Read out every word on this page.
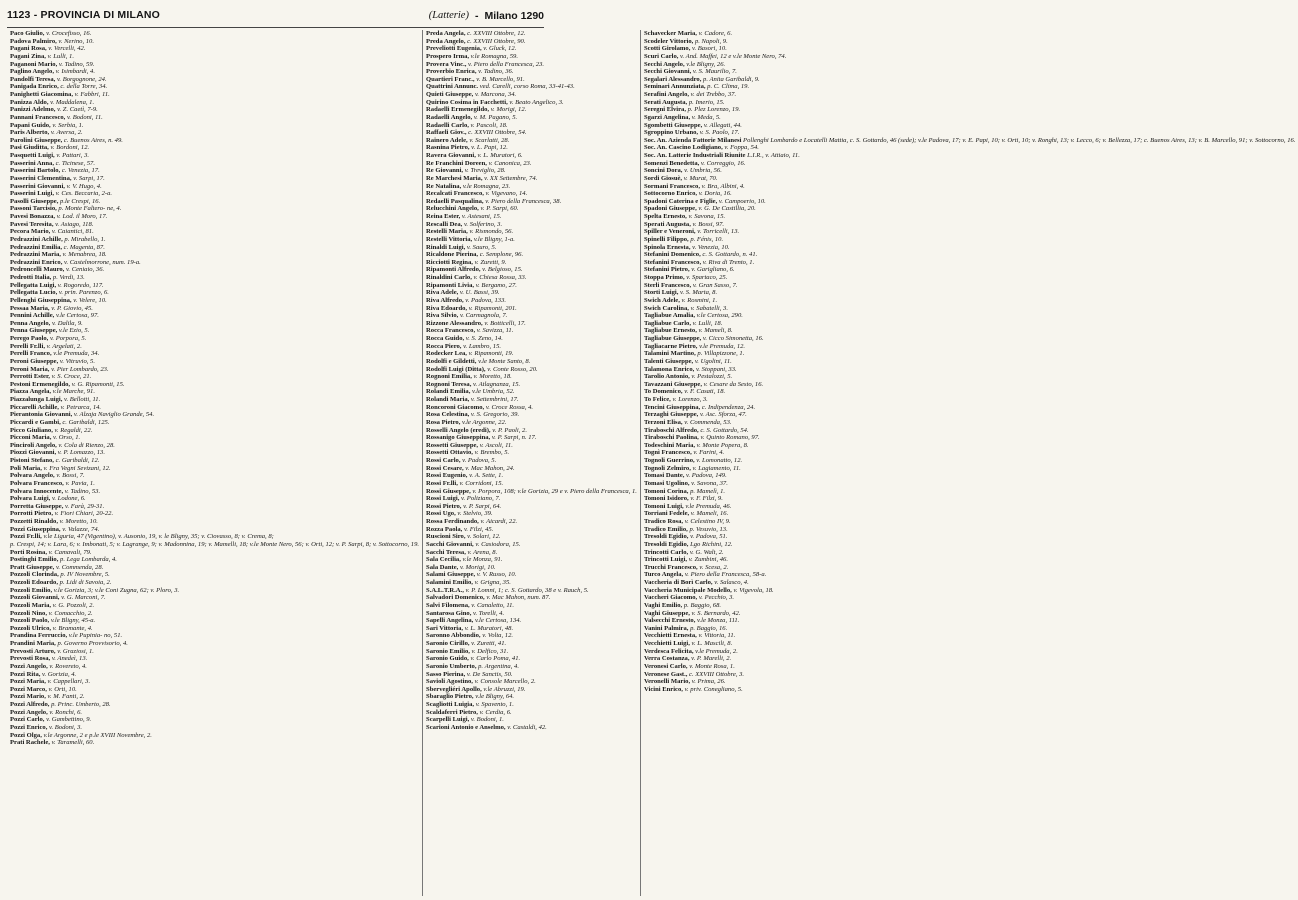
1123 - PROVINCIA DI MILANO	(Latterie) - Milano 1290
Paco Giulio, v. Crocefisso, 16.
Padova Palmiro, v. Nerino, 10.
Pagani Rosa, v. Vercelli, 42.
Pagani Zina, v. Lulli, 1.
Paganoni Mario, v. Tadino, 59.
Paglino Angelo, v. Isimbardi, 4.
Pandolfi Teresa, v. Borgognone, 24.
Panigada Enrico, c. della Torre, 34.
Panighetti Giacomina, v. Fabbri, 11.
Panizza Aldo, v. Maddalena, 1.
Panizzi Adelmo, v. Z. Caetì, 7-9.
Pannani Francesco, v. Bodoni, 11.
Papani Guido, v. Serbia, 1.
Paris Alberto, v. Aversa, 2.
Parolini Giuseppe, c. Buenos Aires, n. 49.
Pasi Giuditta, v. Bordoni, 12.
Pasquetti Luigi, v. Pattari, 3.
Passerini Anna, c. Ticinese, 57.
Passerini Bartolo, c. Venezia, 17.
Passerini Clementina, v. Sarpi, 17.
Passerini Giovanni, v. V. Hugo, 4.
Passerini Luigi, v. Ces. Beccaria, 2-a.
Pasolli Giuseppe, p.le Crespi, 16.
Passoni Tarcisio, p. Monte Faltero- ne, 4.
Pavesi Bonazza, v. Lod. il Moro, 17.
Pavesi Teresita, v. Asiago, 118.
Pecora Mario, v. Caiantici, 81.
Pedrazzini Achille, p. Mirabello, 1.
Pedrazzini Emilia, c. Magenta, 87.
Pedrazzini Maria, v. Menabrea, 18.
Pedrazzini Enrico, v. Castelmorrone, num. 19-a.
Pedroncelli Mauro, v. Ceniaio, 36.
Pedrotti Italia, p. Verdi, 13.
Pellegatta Luigi, v. Rogoredo, 117.
Pellegatta Lucio, v. prin. Parenzo, 6.
Pellenghi Giuseppina, v. Velere, 10.
Pessaa Maria, v. P. Giovio, 45.
Pennini Achille, v.le Certosa, 97.
Penna Angelo, v. Dalila, 9.
Penna Giuseppe, v.le Ezio, 5.
Perego Paolo, v. Porpora, 5.
Perelli Fr.lli, v. Argelati, 2.
Perelli Franco, v.le Premuda, 34.
Peroni Giuseppe, v. Vitruvio, 5.
Peroni Maria, v. Pier Lombardo, 23.
Perrotti Ester, v. S. Croce, 21.
Pestoni Ermenegildo, v. G. Ripamonti, 15.
Piazza Angela, v.le Marche, 91.
Piazzalunga Luigi, v. Bellotti, 11.
Piccarelli Achille, v. Petrarca, 14.
Pierantonia Giovanni, v. Alzaja Naviglio Grande, 54.
Piccardi e Gambi, c. Garibaldi, 125.
Picco Giuliano, v. Regaldi, 22.
Picconi Maria, v. Orso, 1.
Pinciroli Angelo, v. Cola di Rienzo, 28.
Piozzi Giovanni, v. P. Lomazzo, 13.
Pistoni Stefano, c. Garibaldi, 12.
Poli Maria, v. Fra Vegni Sevizani, 12.
Polvara Angelo, v. Bossi, 7.
Polvara Francesco, v. Pavia, 1.
Polvara Innocente, v. Tadino, 53.
Polvara Luigi, v. Lodone, 6.
Porretta Giuseppe, v. Farà, 29-31.
Porrotti Pietro, v. Fiori Chiari, 20-22.
Pozzetti Rinaldo, v. Moretto, 10.
Pozzi Giuseppina, v. Valazze, 74.
Pozzi Fr.lli, v.le Liguria, 47 (Vigentino), v. Ausonio, 19, v. le Bligny, 35; v. Ciovasso, 8; v. Crema, 8;
p. Crespi, 14; v. Lara, 6; v. Imbonati, 5; v. Lagrange, 9; v. Madonnina, 19; v. Mamelli, 18; v.le Monte Nero, 56; v. Orti, 12; v. P. Sarpi, 8; v. Sottocorno, 19.
Porti Rosina, v. Camavali, 79.
Postinghi Emilio, p. Lega Lombarda, 4.
Pratt Giuseppe, v. Commenda, 28.
Pozzoli Clorinda, p. IV Novembre, 5.
Pozzoli Edoardo, p. Lidi di Savoia, 2.
Pozzoli Emilio, v.le Gorizia, 3; v.le Coni Zugna, 62; v. Ploro, 3.
Pozzoli Giovanni, v. G. Marconi, 7.
Pozzoli Maria, v. G. Pozzoli, 2.
Pozzoli Nino, v. Comacchio, 2.
Pozzoli Paolo, v.le Bligny, 45-a.
Pozzoli Ulrico, v. Bramante, 4.
Prandina Ferruccio, v.le Pupinia- no, 51.
Prandini Maria, p. Governo Provvisorio, 4.
Prevosti Arturo, v. Graziosi, 1.
Prevosti Rosa, v. Anedeì, 13.
Pozzi Angelo, v. Rovereto, 4.
Pozzi Rita, v. Gorizia, 4.
Pozzi Maria, v. Cappellari, 3.
Pozzi Marco, v. Orti, 10.
Pozzi Mario, v. M. Fanti, 2.
Pozzi Alfredo, p. Princ. Umberto, 28.
Pozzi Angelo, v. Ronchi, 6.
Pozzi Carlo, v. Gambettino, 9.
Pozzi Enrico, v. Bodoni, 3.
Pozzi Olga, v.le Argonne, 2 e p.le XVIII Novembre, 2.
Prati Rachele, v. Taramelli, 60.
Preda Angela, c. XXVIII Ottobre, 12.
Preda Angelo, c. XXVIII Ottobre, 90.
Preveliotti Eugenia, v. Gluck, 12.
Prospero Irma, v.le Romagna, 59.
Provera Vinc., v. Piero della Francesca, 23.
Proverbio Enrica, v. Tadino, 36.
Quartieri Franc., v. B. Marcello, 91.
Quattrini Annunc. ved. Carelli, corso Roma, 33-41-43.
Quieti Giuseppe, v. Marcona, 34.
Quirino Cosima in Facchetti, v. Beato Angelico, 3.
Radaelli Ermenegildo, v. Morigi, 12.
Radaelli Angelo, v. M. Pagano, 5.
Radaelli Carlo, v. Pascoli, 18.
Raffaeli Giov., c. XXVIII Ottobre, 54.
Rainero Adele, v. Scarlatti, 28.
Rasnina Pietro, v. L. Papi, 12.
Ravera Giovanni, v. L. Muratori, 6.
Re Franchini Doreen, v. Canonica, 23.
Re Giovanni, v. Treviglio, 28.
Re Marchesi Maria, v. XX Settembre, 74.
Re Natalina, v.le Romagna, 23.
Recalcati Francesco, v. Vigevano, 14.
Redaelli Pasqualina, v. Piero della Francesca, 38.
Relucchini Angelo, v. P. Sarpi, 60.
Reina Ester, v. Astesani, 15.
Rescalli Dea, v. Solferino, 3.
Restelli Maria, v. Rismondo, 56.
Restelli Vittoria, v.le Bligny, 1-a.
Rinaldi Luigi, v. Sauro, 5.
Ricaldone Pierina, c. Semplone, 96.
Ricciotti Regina, v. Zuretti, 9.
Ripamonti Alfredo, v. Belgioso, 15.
Rinaldini Carlo, v. Chiesa Rossa, 33.
Ripamonti Livia, v. Bergamo, 27.
Riva Adele, v. U. Bassi, 39.
Riva Alfredo, v. Padova, 133.
Riva Edoardo, v. Ripamonti, 201.
Riva Silvio, v. Carmagnola, 7.
Rizzone Alessandro, v. Botticelli, 17.
Rocca Francesco, v. Savizza, 11.
Rocca Guido, v. S. Zeno, 14.
Rocca Piero, v. Lambro, 15.
Rodecker Lea, v. Ripamonti, 19.
Rodolfi e Gildetti, v.le Monte Santo, 8.
Rodolfi Luigi (Ditta), v. Conte Rosso, 20.
Rognoni Emilia, v. Moretto, 18.
Rognoni Teresa, v. Atlagnanza, 15.
Rolandi Emilia, v.le Umbria, 52.
Rolandi Maria, v. Settembrini, 17.
Roncoroni Giacomo, v. Croce Rossa, 4.
Rosa Celestina, v. S. Gregorio, 39.
Rosa Pietro, v.le Argonne, 22.
Rosselli Angelo (eredi), v. P. Paoli, 2.
Rossanigo Giuseppina, v. P. Sarpi, n. 17.
Rossetti Giuseppe, v. Ascoli, 11.
Rossetti Ottavio, v. Brembo, 5.
Rossi Carlo, v. Padova, 5.
Rossi Cesare, v. Mac Mahon, 24.
Rossi Eugenio, v. A. Sette, 1.
Rossi Fr.lli, v. Corridoni, 15.
Rossi Giuseppe, v. Porpora, 108; v.le Gorizia, 29 e v. Piero della Francesca, 1.
Rossi Luigi, v. Poliziano, 7.
Rossi Pietro, v. P. Sarpi, 64.
Rossi Ugo, v. Stelvio, 39.
Rossa Ferdinando, v. Aicardi, 22.
Rozza Paola, v. Filzi, 45.
Ruscioni Siro, v. Solari, 12.
Sacchi Giovanni, v. Casiodora, 15.
Sacchi Teresa, v. Arena, 8.
Sala Cecilia, v.le Monza, 91.
Sala Dante, v. Morigi, 10.
Salami Giuseppe, v. V. Russo, 10.
Salamini Emilio, v. Grigna, 35.
S.A.L.T.R.A., v. P. Lomni, 1; c. S. Gottardo, 38 e v. Rauch, 5.
Salvadori Domenico, v. Mac Mahon, num. 87.
Salvi Filomena, v. Canaletto, 11.
Santarosa Gino, v. Torelli, 4.
Sapelli Angelina, v.le Certosa, 134.
Sari Vittoria, v. L. Muratori, 48.
Saronno Abbondio, v. Volta, 12.
Saronio Cirillo, v. Zuretti, 41.
Saronio Emilio, v. Delfico, 31.
Saronio Guido, v. Carlo Poma, 41.
Saronio Umberto, p. Argentina, 4.
Sasso Pierina, v. De Sanctis, 50.
Savioli Agostino, v. Console Marcello, 2.
Sbervegliéri Apollo, v.le Abruzzi, 19.
Sbaraglio Pietro, v.le Bligny, 64.
Scagliotti Luigia, v. Spavento, 1.
Scaldaferri Pietro, v. Cerdia, 6.
Scarpelli Luigi, v. Bodoni, 1.
Scarioni Antonio e Anselmo, v. Castaldi, 42.
Schavecker Maria, v. Cadore, 6.
Scodeler Vittorio, p. Napoli, 9.
Scotti Girolamo, v. Basori, 10.
Scuri Carlo, v. And. Maffei, 12 e v.le Monte Nero, 74.
Secchi Angelo, v.le Bligny, 26.
Secchi Giovanni, v. S. Maurilio, 7.
Segalari Alessandro, p. Anita Garibaldi, 9.
Seminari Annunziata, p. C. Clima, 19.
Serafini Angelo, v. dei Trebbo, 37.
Serati Augusta, p. Imerio, 15.
Seregni Elvira, p. Plez Lorenzo, 19.
Sgarzi Angelina, v. Meda, 5.
Sgombetti Giuseppe, v. Allegati, 44.
Sgroppino Urbano, v. S. Paolo, 17.
Soc. An. Azienda Fattorie Milanesi Pollenghi Lombardo e Locatelli Mattia, c. S. Gottardo, 46 (sede); v.le Padova, 17; v. E. Papi, 10; v. Orti, 10; v. Ronghi, 13; v. Lecco, 6; v. Bellezza, 17; c. Buenos Aires, 13; v. B. Marcello, 91; v. Sottocorno, 16.
Soc. An. Cascino Lodigiano, v. Foppa, 54.
Soc. An. Latterie Industriali Riunite L.I.R., v. Attiaio, 11.
Somenzi Benedetta, v. Correggio, 16.
Soncini Dora, v. Umbria, 56.
Sordi Giosuè, v. Murat, 70.
Sormani Francesco, v. Bra, Albini, 4.
Sottocorno Enrico, v. Doria, 16.
Spadoni Caterina e Figlie, v. Campoerio, 10.
Spadoni Giuseppe, v. G. De Castillia, 20.
Spelta Ernesto, v. Savona, 15.
Sperati Augusta, v. Bossi, 97.
Spiller e Veneroni, v. Torricelli, 13.
Spinelli Filippo, p. Fénis, 10.
Spinola Ernesta, v. Venezia, 10.
Stefanini Domenico, c. S. Gottardo, n. 41.
Stefanini Francesco, v. Riva di Trento, 1.
Stefanini Pietro, v. Garigliano, 6.
Stoppa Primo, v. Spartaco, 25.
Sterli Francesco, v. Gran Sasso, 7.
Storti Luigi, v. S. Marta, 8.
Swich Adele, v. Rosmini, 1.
Swich Carolina, v. Sabatelli, 3.
Tagliabue Amalia, v.le Certosa, 290.
Tagliabue Carlo, v. Lulli, 18.
Tagliabue Ernesto, v. Mameli, 8.
Tagliabue Giuseppe, v. Cicco Simonetta, 16.
Tagliacarne Pietro, v.le Premuda, 12.
Talamini Martino, p. Villapizzone, 1.
Talenti Giuseppe, v. Ugolini, 11.
Talamona Enrico, v. Stoppani, 33.
Tarolio Antonio, v. Pestalozzi, 5.
Tavazzani Giuseppe, v. Cesare da Sesto, 16.
To Domenico, v. F. Casati, 18.
To Felice, v. Lorenzo, 3.
Tencini Giuseppina, c. Indipendenza, 24.
Terzaghi Giuseppe, v. Asc. Sforza, 47.
Terzoni Elisa, v. Commenda, 53.
Tiraboschi Alfredo, c. S. Gottardo, 54.
Tiraboschi Paolina, v. Quinto Romano, 97.
Todeschini Maria, v. Monte Popera, 8.
Tognì Francesco, v. Farini, 4.
Tognoli Guerrino, v. Lomonatto, 12.
Tognoli Zelmiro, v. Lagiamento, 11.
Tomasi Dante, v. Padova, 149.
Tomasi Ugolino, v. Savona, 37.
Tomoni Corina, p. Mamelì, 1.
Tomoni Isidoro, v. F. Filzi, 9.
Tomoni Luigi, v.le Premuda, 46.
Torriani Fedele, v. Mameli, 16.
Tradico Rosa, v. Celestino IV, 9.
Tradico Emilio, p. Vesuvio, 13.
Tresoldi Egidio, v. Padova, 51.
Tresoldi Egidio, Lgo Richini, 12.
Trincotti Carlo, v. G. Walt, 2.
Trincotti Luigi, v. Zumbini, 46.
Trucchi Francesco, v. Scesa, 2.
Turco Angela, v. Piero della Francesca, 58-a.
Vaccheria di Borì Carlo, v. Salasco, 4.
Vaccheria Municipale Modello, v. Vigevola, 18.
Vaccheri Giacomo, v. Pecchio, 3.
Vaghi Emilio, p. Baggio, 68.
Vaghi Giuseppe, v. S. Bernardo, 42.
Valsecchi Ernesto, v.le Monza, 111.
Vanini Palmira, p. Baggio, 16.
Vecchietti Ernesta, v. Vittoria, 11.
Vecchietti Luigi, v. L. Mascili, 8.
Verdesca Felicita, v.le Premuda, 2.
Verra Costanza, v. P. Marelli, 2.
Veronesi Carlo, v. Monte Rosa, 1.
Veronese Gast., c. XXVIII Ottobre, 3.
Veronelli Mario, v. Prima, 26.
Vicini Enrico, v. priv. Conegliano, 5.
